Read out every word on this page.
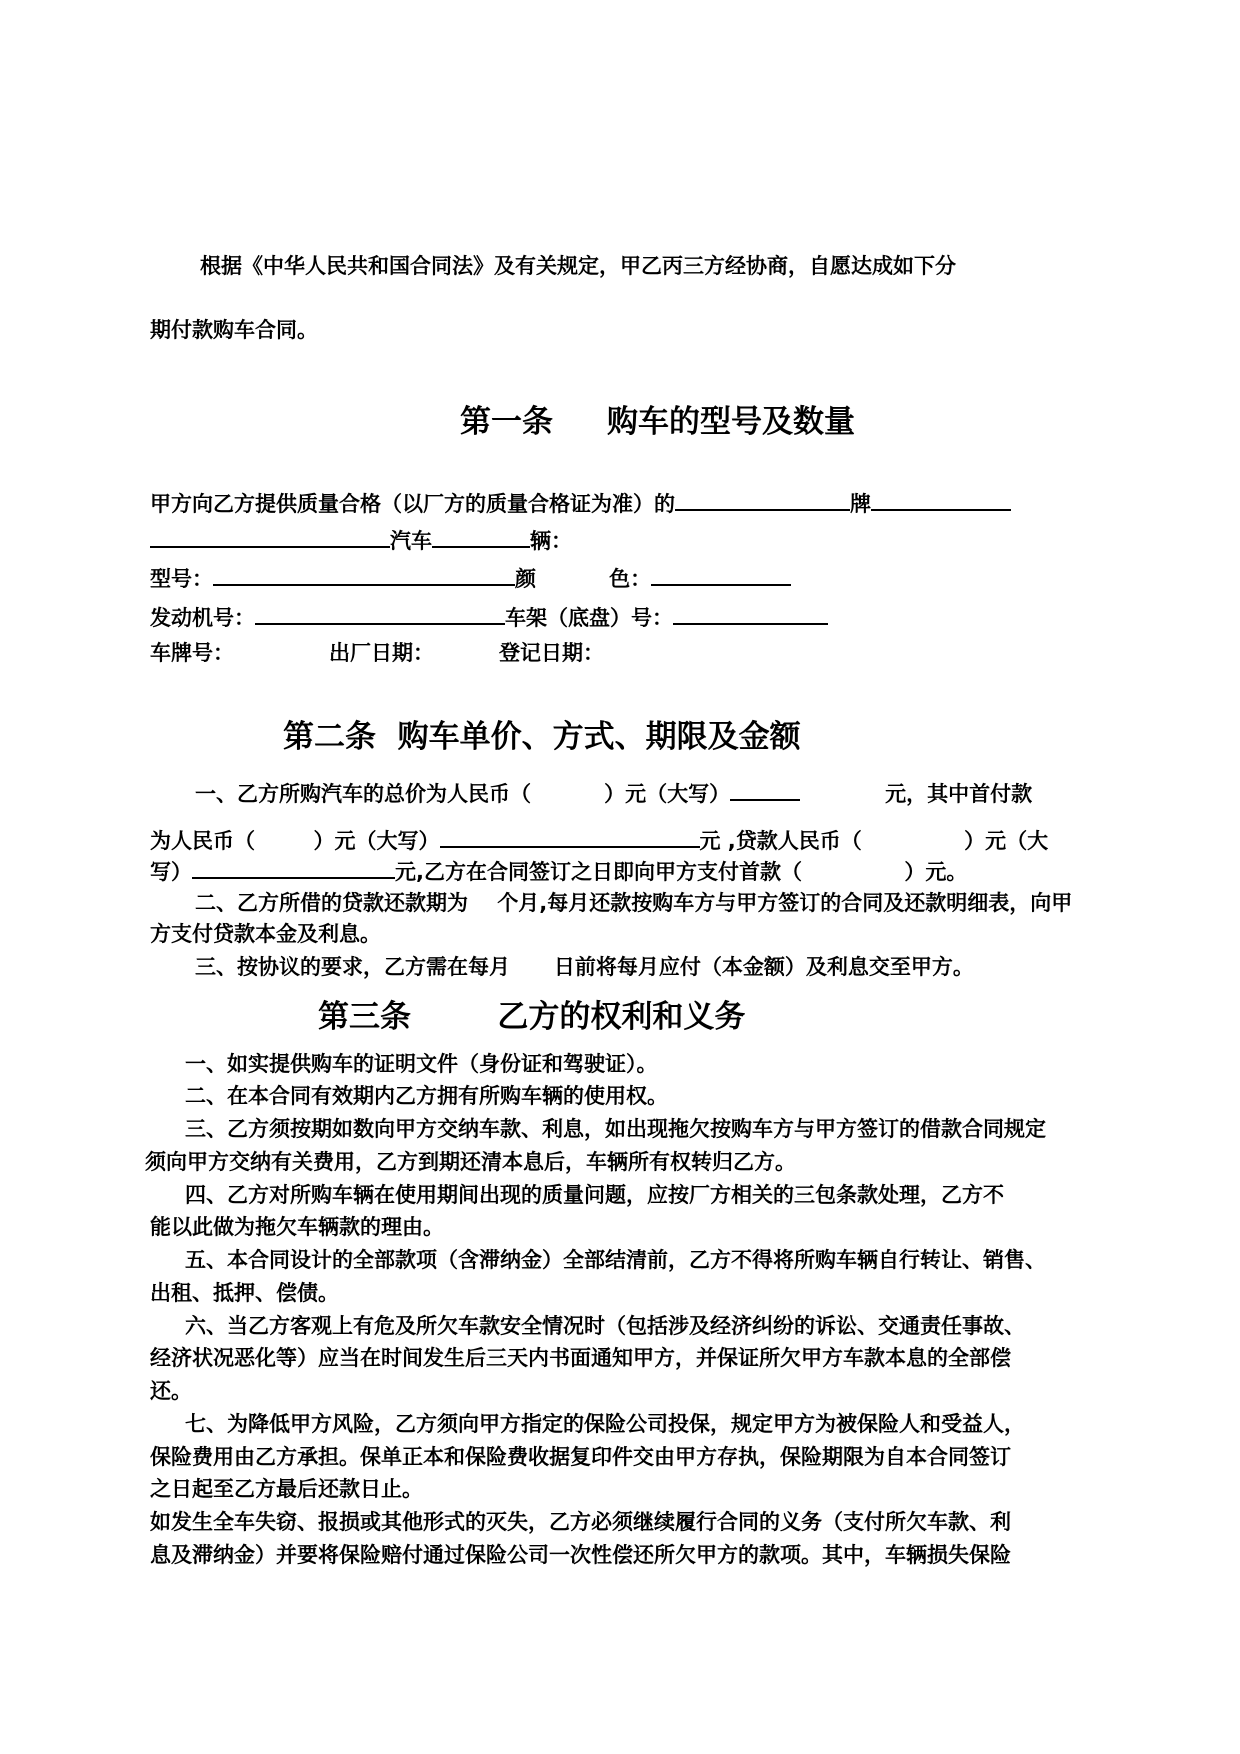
根据《中华人民共和国合同法》及有关规定，甲乙丙三方经协商，自愿达成如下分
期付款购车合同。
第一条     购车的型号及数量
甲方向乙方提供质量合格（以厂方的质量合格证为准）的	牌
汽车	辆：
型号：	颜          色：
发动机号：	车架（底盘）号：
车牌号：	出厂日期：	登记日期：
第二条  购车单价、方式、期限及金额
一、乙方所购汽车的总价为人民币（          ）元（大写）	元，其中首付款
为人民币（        ）元（大写）	元 ,贷款人民币（              ）元（大
写）	元,乙方在合同签订之日即向甲方支付首款（              ）元。
二、乙方所借的贷款还款期为    个月,每月还款按购车方与甲方签订的合同及还款明细表，向甲
方支付贷款本金及利息。
三、按协议的要求，乙方需在每月      日前将每月应付（本金额）及利息交至甲方。
第三条        乙方的权利和义务
一、如实提供购车的证明文件（身份证和驾驶证）。
二、在本合同有效期内乙方拥有所购车辆的使用权。
三、乙方须按期如数向甲方交纳车款、利息，如出现拖欠按购车方与甲方签订的借款合同规定
须向甲方交纳有关费用，乙方到期还清本息后，车辆所有权转归乙方。
四、乙方对所购车辆在使用期间出现的质量问题，应按厂方相关的三包条款处理，乙方不
能以此做为拖欠车辆款的理由。
五、本合同设计的全部款项（含滞纳金）全部结清前，乙方不得将所购车辆自行转让、销售、
出租、抵押、偿债。
六、当乙方客观上有危及所欠车款安全情况时（包括涉及经济纠纷的诉讼、交通责任事故、
经济状况恶化等）应当在时间发生后三天内书面通知甲方，并保证所欠甲方车款本息的全部偿
还。
七、为降低甲方风险，乙方须向甲方指定的保险公司投保，规定甲方为被保险人和受益人，
保险费用由乙方承担。保单正本和保险费收据复印件交由甲方存执，保险期限为自本合同签订
之日起至乙方最后还款日止。
如发生全车失窃、报损或其他形式的灭失，乙方必须继续履行合同的义务（支付所欠车款、利
息及滞纳金）并要将保险赔付通过保险公司一次性偿还所欠甲方的款项。其中，车辆损失保险
